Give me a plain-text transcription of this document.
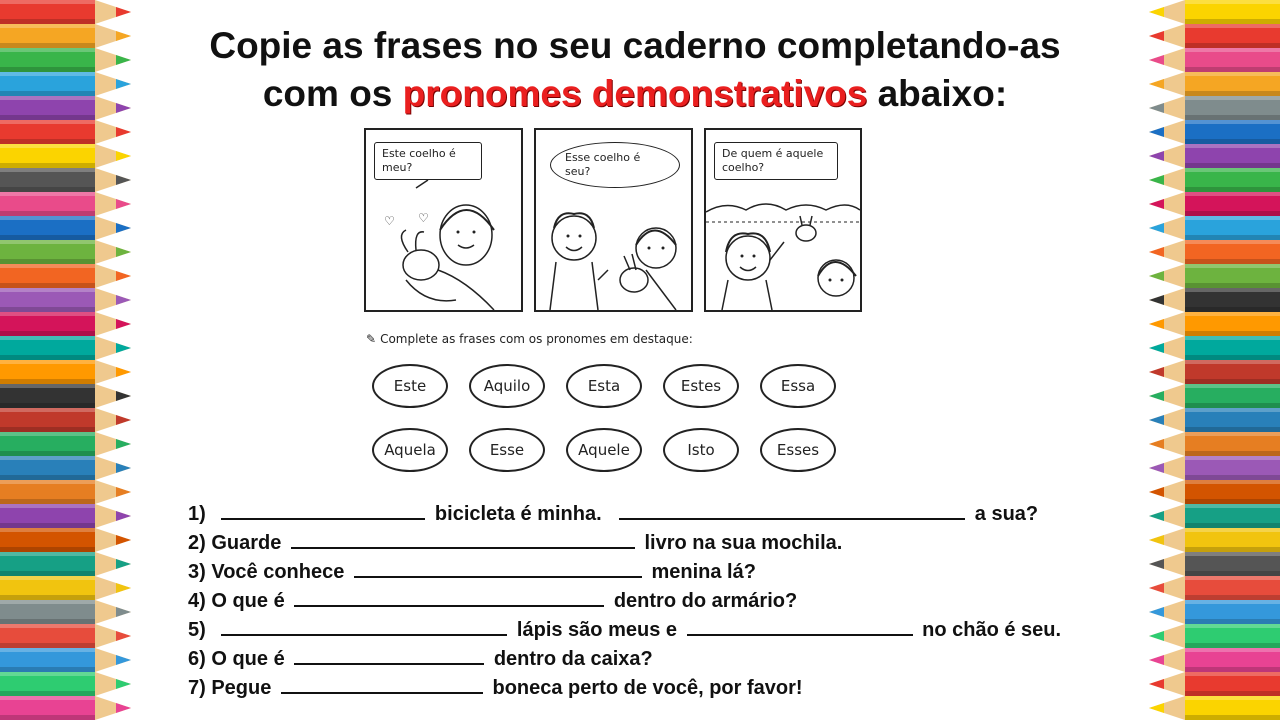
Copie as frases no seu caderno completando-as
com os pronomes demonstrativos abaixo:
Este coelho é meu?
♡ ♡
Esse coelho é seu?
De quem é aquele coelho?
✎ Complete as frases com os pronomes em destaque:
Este	Aquilo	Esta	Estes	Essa
Aquela	Esse	Aquele	Isto	Esses
1)	bicicleta é minha.	a sua?
2) Guarde	livro na sua mochila.
3) Você conhece	menina lá?
4) O que é	dentro do armário?
5)	lápis são meus e	no chão é seu.
6) O que é	dentro da caixa?
7) Pegue	boneca perto de você, por favor!
